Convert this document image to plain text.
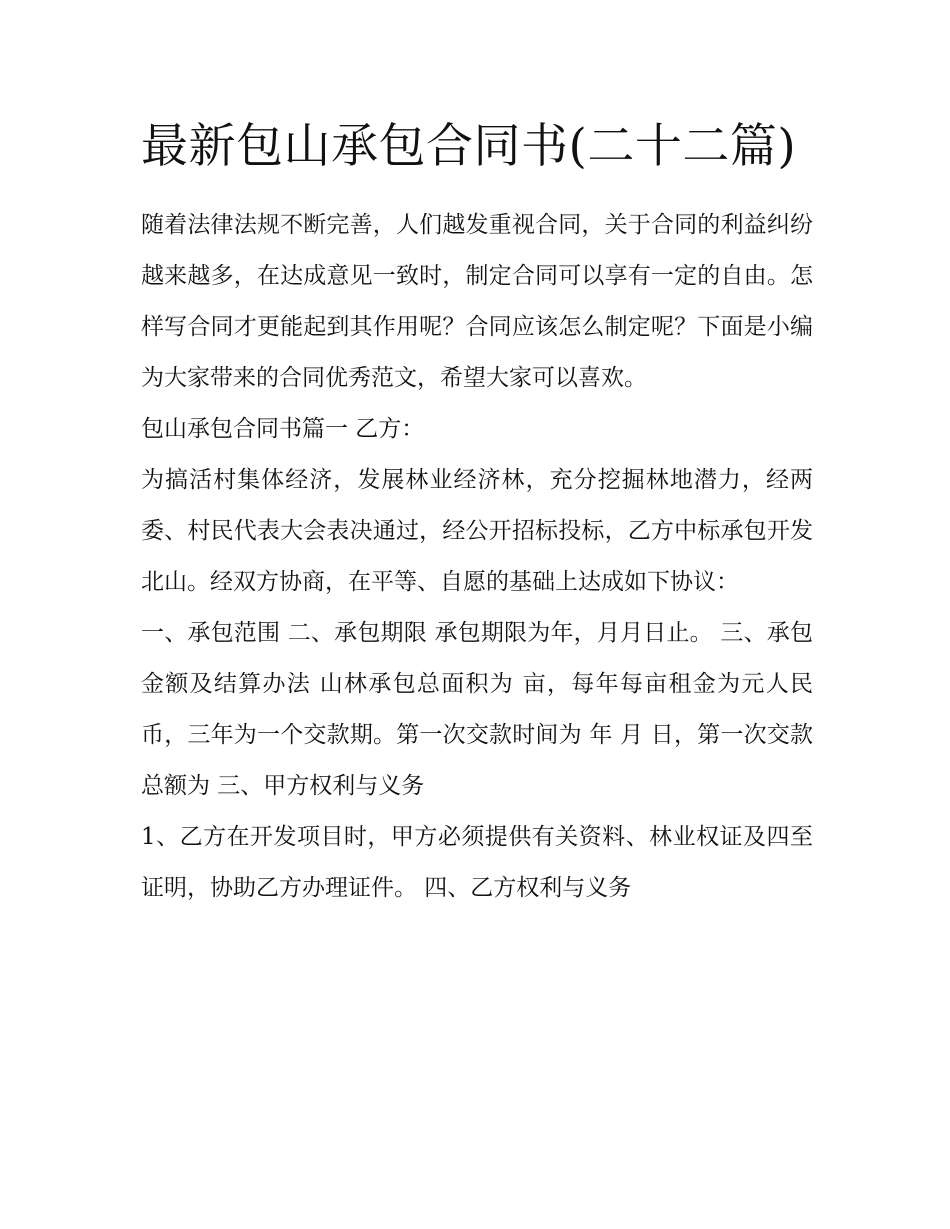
最新包山承包合同书(二十二篇)

随着法律法规不断完善，人们越发重视合同，关于合同的利益纠纷越来越多，在达成意见一致时，制定合同可以享有一定的自由。怎样写合同才更能起到其作用呢？合同应该怎么制定呢？下面是小编为大家带来的合同优秀范文，希望大家可以喜欢。

包山承包合同书篇一 乙方：

为搞活村集体经济，发展林业经济林，充分挖掘林地潜力，经两委、村民代表大会表决通过，经公开招标投标，乙方中标承包开发北山。经双方协商，在平等、自愿的基础上达成如下协议：

一、承包范围 二、承包期限 承包期限为年，月月日止。 三、承包金额及结算办法 山林承包总面积为 亩，每年每亩租金为元人民币，三年为一个交款期。第一次交款时间为 年 月 日，第一次交款总额为 三、甲方权利与义务

1、乙方在开发项目时，甲方必须提供有关资料、林业权证及四至证明，协助乙方办理证件。 四、乙方权利与义务
